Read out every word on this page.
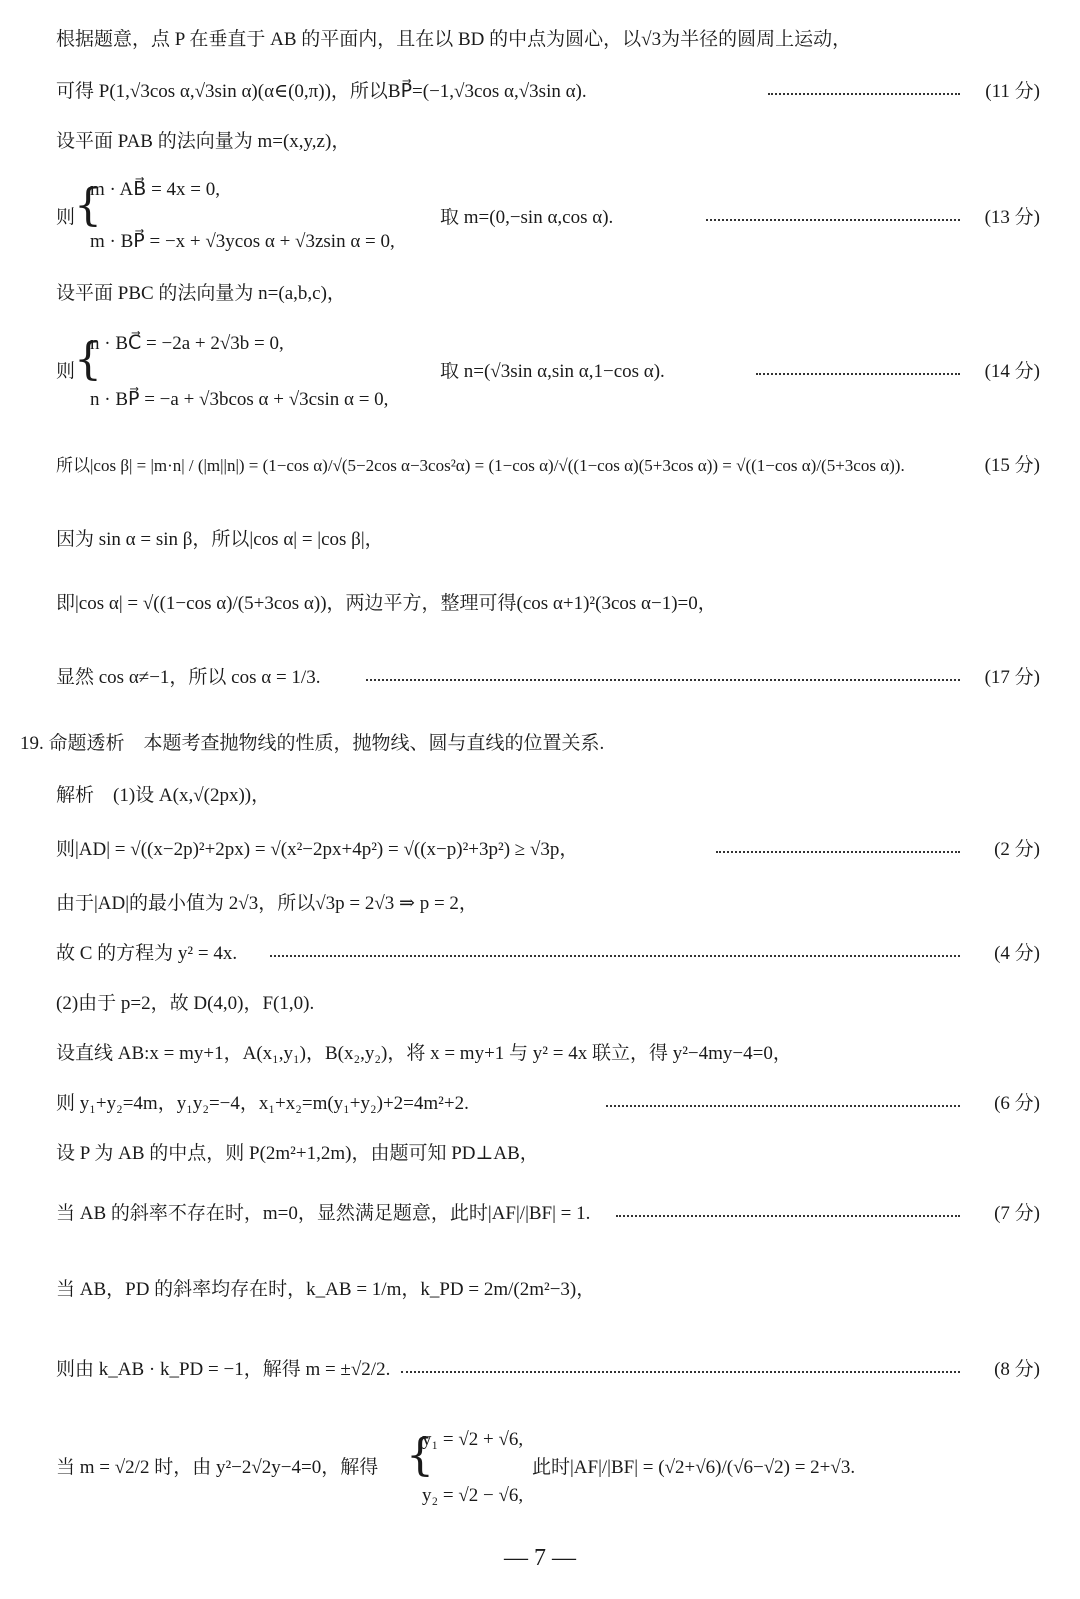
根据题意，点 P 在垂直于 AB 的平面内，且在以 BD 的中点为圆心，以√3为半径的圆周上运动，
可得 P(1,√3cos α,√3sin α)(α∈(0,π))，所以BP⃗=(−1,√3cos α,√3sin α).	(11 分)
设平面 PAB 的法向量为 m=(x,y,z)，
则
{
m · AB⃗ = 4x = 0,
m · BP⃗ = −x + √3ycos α + √3zsin α = 0,
取 m=(0,−sin α,cos α).	(13 分)
设平面 PBC 的法向量为 n=(a,b,c)，
则
{
n · BC⃗ = −2a + 2√3b = 0,
n · BP⃗ = −a + √3bcos α + √3csin α = 0,
取 n=(√3sin α,sin α,1−cos α).	(14 分)
所以|cos β| = |m·n| / (|m||n|) = (1−cos α)/√(5−2cos α−3cos²α) = (1−cos α)/√((1−cos α)(5+3cos α)) = √((1−cos α)/(5+3cos α)).	(15 分)
因为 sin α = sin β，所以|cos α| = |cos β|，
即|cos α| = √((1−cos α)/(5+3cos α))，两边平方，整理可得(cos α+1)²(3cos α−1)=0，
显然 cos α≠−1，所以 cos α = 1/3.	(17 分)
19. 命题透析　本题考查抛物线的性质，抛物线、圆与直线的位置关系.
解析　(1)设 A(x,√(2px))，
则|AD| = √((x−2p)²+2px) = √(x²−2px+4p²) = √((x−p)²+3p²) ≥ √3p，	(2 分)
由于|AD|的最小值为 2√3，所以√3p = 2√3 ⇒ p = 2，
故 C 的方程为 y² = 4x.	(4 分)
(2)由于 p=2，故 D(4,0)，F(1,0).
设直线 AB:x = my+1，A(x₁,y₁)，B(x₂,y₂)，将 x = my+1 与 y² = 4x 联立，得 y²−4my−4=0，
则 y₁+y₂=4m，y₁y₂=−4，x₁+x₂=m(y₁+y₂)+2=4m²+2.	(6 分)
设 P 为 AB 的中点，则 P(2m²+1,2m)，由题可知 PD⊥AB，
当 AB 的斜率不存在时，m=0，显然满足题意，此时|AF|/|BF| = 1.	(7 分)
当 AB，PD 的斜率均存在时，k_AB = 1/m，k_PD = 2m/(2m²−3)，
则由 k_AB · k_PD = −1，解得 m = ±√2/2.	(8 分)
当 m = √2/2 时，由 y²−2√2y−4=0，解得 {
y₁ = √2 + √6,
y₂ = √2 − √6,
此时|AF|/|BF| = (√2+√6)/(√6−√2) = 2+√3.
— 7 —
